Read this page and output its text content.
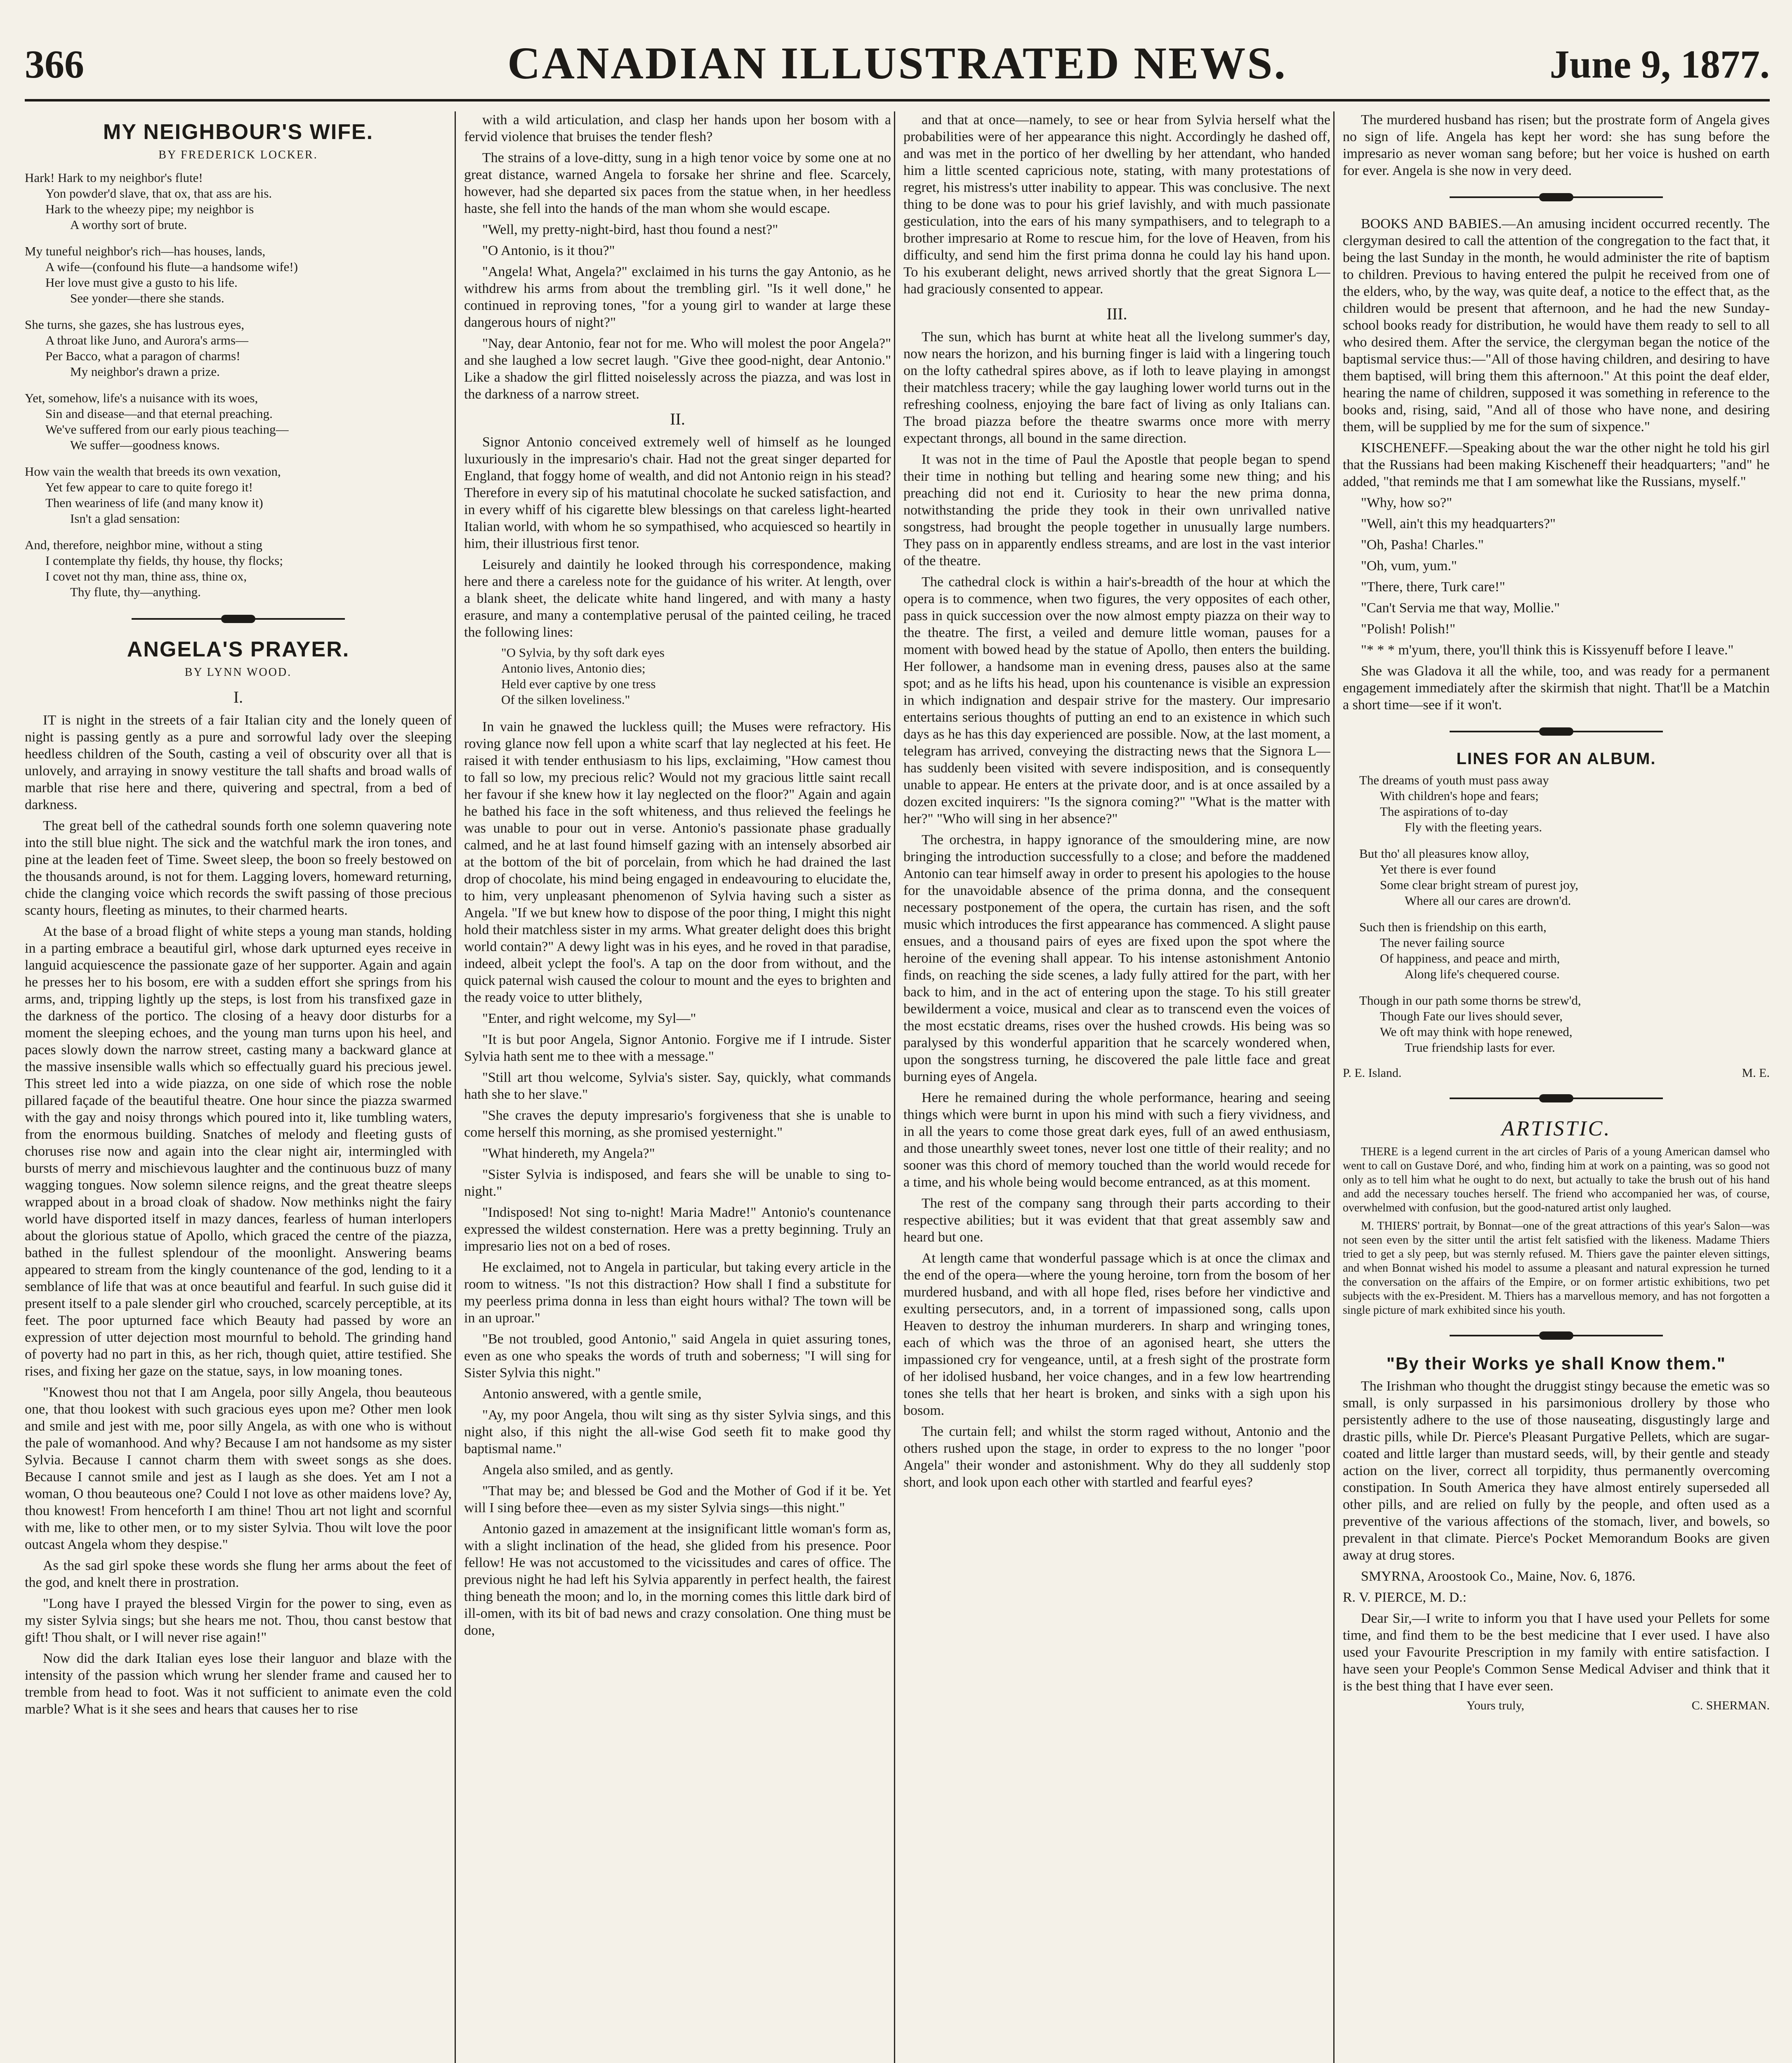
366	CANADIAN ILLUSTRATED NEWS.	June 9, 1877.
MY NEIGHBOUR'S WIFE.
BY FREDERICK LOCKER.
Hark! Hark to my neighbor's flute!
Yon powder'd slave, that ox, that ass are his.
Hark to the wheezy pipe; my neighbor is
A worthy sort of brute.
My tuneful neighbor's rich—has houses, lands,
A wife—(confound his flute—a handsome wife!)
Her love must give a gusto to his life.
See yonder—there she stands.
She turns, she gazes, she has lustrous eyes,
A throat like Juno, and Aurora's arms—
Per Bacco, what a paragon of charms!
My neighbor's drawn a prize.
Yet, somehow, life's a nuisance with its woes,
Sin and disease—and that eternal preaching.
We've suffered from our early pious teaching—
We suffer—goodness knows.
How vain the wealth that breeds its own vexation,
Yet few appear to care to quite forego it!
Then weariness of life (and many know it)
Isn't a glad sensation:
And, therefore, neighbor mine, without a sting
I contemplate thy fields, thy house, thy flocks;
I covet not thy man, thine ass, thine ox,
Thy flute, thy—anything.
ANGELA'S PRAYER.
BY LYNN WOOD.
I.

IT is night in the streets of a fair Italian city and the lonely queen of night is passing gently as a pure and sorrowful lady over the sleeping heedless children of the South, casting a veil of obscurity over all that is unlovely, and arraying in snowy vestiture the tall shafts and broad walls of marble that rise here and there, quivering and spectral, from a bed of darkness.

The great bell of the cathedral sounds forth one solemn quavering note into the still blue night. The sick and the watchful mark the iron tones, and pine at the leaden feet of Time. Sweet sleep, the boon so freely bestowed on the thousands around, is not for them. Lagging lovers, homeward returning, chide the clanging voice which records the swift passing of those precious scanty hours, fleeting as minutes, to their charmed hearts.

At the base of a broad flight of white steps a young man stands, holding in a parting embrace a beautiful girl, whose dark upturned eyes receive in languid acquiescence the passionate gaze of her supporter. Again and again he presses her to his bosom, ere with a sudden effort she springs from his arms, and, tripping lightly up the steps, is lost from his transfixed gaze in the darkness of the portico. The closing of a heavy door disturbs for a moment the sleeping echoes, and the young man turns upon his heel, and paces slowly down the narrow street, casting many a backward glance at the massive insensible walls which so effectually guard his precious jewel. This street led into a wide piazza, on one side of which rose the noble pillared façade of the beautiful theatre. One hour since the piazza swarmed with the gay and noisy throngs which poured into it, like tumbling waters, from the enormous building. Snatches of melody and fleeting gusts of choruses rise now and again into the clear night air, intermingled with bursts of merry and mischievous laughter and the continuous buzz of many wagging tongues. Now solemn silence reigns, and the great theatre sleeps wrapped about in a broad cloak of shadow. Now methinks night the fairy world have disported itself in mazy dances, fearless of human interlopers about the glorious statue of Apollo, which graced the centre of the piazza, bathed in the fullest splendour of the moonlight. Answering beams appeared to stream from the kingly countenance of the god, lending to it a semblance of life that was at once beautiful and fearful. In such guise did it present itself to a pale slender girl who crouched, scarcely perceptible, at its feet. The poor upturned face which Beauty had passed by wore an expression of utter dejection most mournful to behold. The grinding hand of poverty had no part in this, as her rich, though quiet, attire testified. She rises, and fixing her gaze on the statue, says, in low moaning tones.

"Knowest thou not that I am Angela, poor silly Angela, thou beauteous one, that thou lookest with such gracious eyes upon me? Other men look and smile and jest with me, poor silly Angela, as with one who is without the pale of womanhood. And why? Because I am not handsome as my sister Sylvia. Because I cannot charm them with sweet songs as she does. Because I cannot smile and jest as I laugh as she does. Yet am I not a woman, O thou beauteous one? Could I not love as other maidens love? Ay, thou knowest! From henceforth I am thine! Thou art not light and scornful with me, like to other men, or to my sister Sylvia. Thou wilt love the poor outcast Angela whom they despise."

As the sad girl spoke these words she flung her arms about the feet of the god, and knelt there in prostration.

"Long have I prayed the blessed Virgin for the power to sing, even as my sister Sylvia sings; but she hears me not. Thou, thou canst bestow that gift! Thou shalt, or I will never rise again!"

Now did the dark Italian eyes lose their languor and blaze with the intensity of the passion which wrung her slender frame and caused her to tremble from head to foot. Was it not sufficient to animate even the cold marble? What is it she sees and hears that causes her to rise

with a wild articulation, and clasp her hands upon her bosom with a fervid violence that bruises the tender flesh?

The strains of a love-ditty, sung in a high tenor voice by some one at no great distance, warned Angela to forsake her shrine and flee. Scarcely, however, had she departed six paces from the statue when, in her heedless haste, she fell into the hands of the man whom she would escape.

"Well, my pretty-night-bird, hast thou found a nest?"

"O Antonio, is it thou?"

"Angela! What, Angela?" exclaimed in his turns the gay Antonio, as he withdrew his arms from about the trembling girl. "Is it well done," he continued in reproving tones, "for a young girl to wander at large these dangerous hours of night?"

"Nay, dear Antonio, fear not for me. Who will molest the poor Angela?" and she laughed a low secret laugh. "Give thee good-night, dear Antonio." Like a shadow the girl flitted noiselessly across the piazza, and was lost in the darkness of a narrow street.

II.

Signor Antonio conceived extremely well of himself as he lounged luxuriously in the impresario's chair. Had not the great singer departed for England, that foggy home of wealth, and did not Antonio reign in his stead? Therefore in every sip of his matutinal chocolate he sucked satisfaction, and in every whiff of his cigarette blew blessings on that careless light-hearted Italian world, with whom he so sympathised, who acquiesced so heartily in him, their illustrious first tenor.

Leisurely and daintily he looked through his correspondence, making here and there a careless note for the guidance of his writer. At length, over a blank sheet, the delicate white hand lingered, and with many a hasty erasure, and many a contemplative perusal of the painted ceiling, he traced the following lines:

"O Sylvia, by thy soft dark eyes
Antonio lives, Antonio dies;
Held ever captive by one tress
Of the silken loveliness."

In vain he gnawed the luckless quill; the Muses were refractory. His roving glance now fell upon a white scarf that lay neglected at his feet. He raised it with tender enthusiasm to his lips, exclaiming, "How camest thou to fall so low, my precious relic? Would not my gracious little saint recall her favour if she knew how it lay neglected on the floor?" Again and again he bathed his face in the soft whiteness, and thus relieved the feelings he was unable to pour out in verse. Antonio's passionate phase gradually calmed, and he at last found himself gazing with an intensely absorbed air at the bottom of the bit of porcelain, from which he had drained the last drop of chocolate, his mind being engaged in endeavouring to elucidate the, to him, very unpleasant phenomenon of Sylvia having such a sister as Angela. "If we but knew how to dispose of the poor thing, I might this night hold their matchless sister in my arms. What greater delight does this bright world contain?" A dewy light was in his eyes, and he roved in that paradise, indeed, albeit yclept the fool's. A tap on the door from without, and the quick paternal wish caused the colour to mount and the eyes to brighten and the ready voice to utter blithely,

"Enter, and right welcome, my Syl—"

"It is but poor Angela, Signor Antonio. Forgive me if I intrude. Sister Sylvia hath sent me to thee with a message."

"Still art thou welcome, Sylvia's sister. Say, quickly, what commands hath she to her slave."

"She craves the deputy impresario's forgiveness that she is unable to come herself this morning, as she promised yesternight."

"What hindereth, my Angela?"

"Sister Sylvia is indisposed, and fears she will be unable to sing to-night."

"Indisposed! Not sing to-night! Maria Madre!" Antonio's countenance expressed the wildest consternation. Here was a pretty beginning. Truly an impresario lies not on a bed of roses.

He exclaimed, not to Angela in particular, but taking every article in the room to witness. "Is not this distraction? How shall I find a substitute for my peerless prima donna in less than eight hours withal? The town will be in an uproar."

"Be not troubled, good Antonio," said Angela in quiet assuring tones, even as one who speaks the words of truth and soberness; "I will sing for Sister Sylvia this night."

Antonio answered, with a gentle smile,

"Ay, my poor Angela, thou wilt sing as thy sister Sylvia sings, and this night also, if this night the all-wise God seeth fit to make good thy baptismal name."

Angela also smiled, and as gently.

"That may be; and blessed be God and the Mother of God if it be. Yet will I sing before thee—even as my sister Sylvia sings—this night."

Antonio gazed in amazement at the insignificant little woman's form as, with a slight inclination of the head, she glided from his presence. Poor fellow! He was not accustomed to the vicissitudes and cares of office. The previous night he had left his Sylvia apparently in perfect health, the fairest thing beneath the moon; and lo, in the morning comes this little dark bird of ill-omen, with its bit of bad news and crazy consolation. One thing must be done,

and that at once—namely, to see or hear from Sylvia herself what the probabilities were of her appearance this night. Accordingly he dashed off, and was met in the portico of her dwelling by her attendant, who handed him a little scented capricious note, stating, with many protestations of regret, his mistress's utter inability to appear. This was conclusive. The next thing to be done was to pour his grief lavishly, and with much passionate gesticulation, into the ears of his many sympathisers, and to telegraph to a brother impresario at Rome to rescue him, for the love of Heaven, from his difficulty, and send him the first prima donna he could lay his hand upon. To his exuberant delight, news arrived shortly that the great Signora L— had graciously consented to appear.

III.

The sun, which has burnt at white heat all the livelong summer's day, now nears the horizon, and his burning finger is laid with a lingering touch on the lofty cathedral spires above, as if loth to leave playing in amongst their matchless tracery; while the gay laughing lower world turns out in the refreshing coolness, enjoying the bare fact of living as only Italians can. The broad piazza before the theatre swarms once more with merry expectant throngs, all bound in the same direction.

It was not in the time of Paul the Apostle that people began to spend their time in nothing but telling and hearing some new thing; and his preaching did not end it. Curiosity to hear the new prima donna, notwithstanding the pride they took in their own unrivalled native songstress, had brought the people together in unusually large numbers. They pass on in apparently endless streams, and are lost in the vast interior of the theatre.

The cathedral clock is within a hair's-breadth of the hour at which the opera is to commence, when two figures, the very opposites of each other, pass in quick succession over the now almost empty piazza on their way to the theatre. The first, a veiled and demure little woman, pauses for a moment with bowed head by the statue of Apollo, then enters the building. Her follower, a handsome man in evening dress, pauses also at the same spot; and as he lifts his head, upon his countenance is visible an expression in which indignation and despair strive for the mastery. Our impresario entertains serious thoughts of putting an end to an existence in which such days as he has this day experienced are possible. Now, at the last moment, a telegram has arrived, conveying the distracting news that the Signora L— has suddenly been visited with severe indisposition, and is consequently unable to appear. He enters at the private door, and is at once assailed by a dozen excited inquirers: "Is the signora coming?" "What is the matter with her?" "Who will sing in her absence?"

The orchestra, in happy ignorance of the smouldering mine, are now bringing the introduction successfully to a close; and before the maddened Antonio can tear himself away in order to present his apologies to the house for the unavoidable absence of the prima donna, and the consequent necessary postponement of the opera, the curtain has risen, and the soft music which introduces the first appearance has commenced. A slight pause ensues, and a thousand pairs of eyes are fixed upon the spot where the heroine of the evening shall appear. To his intense astonishment Antonio finds, on reaching the side scenes, a lady fully attired for the part, with her back to him, and in the act of entering upon the stage. To his still greater bewilderment a voice, musical and clear as to transcend even the voices of the most ecstatic dreams, rises over the hushed crowds. His being was so paralysed by this wonderful apparition that he scarcely wondered when, upon the songstress turning, he discovered the pale little face and great burning eyes of Angela.

Here he remained during the whole performance, hearing and seeing things which were burnt in upon his mind with such a fiery vividness, and in all the years to come those great dark eyes, full of an awed enthusiasm, and those unearthly sweet tones, never lost one tittle of their reality; and no sooner was this chord of memory touched than the world would recede for a time, and his whole being would become entranced, as at this moment.

The rest of the company sang through their parts according to their respective abilities; but it was evident that that great assembly saw and heard but one.

At length came that wonderful passage which is at once the climax and the end of the opera—where the young heroine, torn from the bosom of her murdered husband, and with all hope fled, rises before her vindictive and exulting persecutors, and, in a torrent of impassioned song, calls upon Heaven to destroy the inhuman murderers. In sharp and wringing tones, each of which was the throe of an agonised heart, she utters the impassioned cry for vengeance, until, at a fresh sight of the prostrate form of her idolised husband, her voice changes, and in a few low heartrending tones she tells that her heart is broken, and sinks with a sigh upon his bosom.

The curtain fell; and whilst the storm raged without, Antonio and the others rushed upon the stage, in order to express to the no longer "poor Angela" their wonder and astonishment. Why do they all suddenly stop short, and look upon each other with startled and fearful eyes?

The murdered husband has risen; but the prostrate form of Angela gives no sign of life. Angela has kept her word: she has sung before the impresario as never woman sang before; but her voice is hushed on earth for ever. Angela is she now in very deed.

BOOKS AND BABIES.—An amusing incident occurred recently. The clergyman desired to call the attention of the congregation to the fact that, it being the last Sunday in the month, he would administer the rite of baptism to children. Previous to having entered the pulpit he received from one of the elders, who, by the way, was quite deaf, a notice to the effect that, as the children would be present that afternoon, and he had the new Sunday-school books ready for distribution, he would have them ready to sell to all who desired them. After the service, the clergyman began the notice of the baptismal service thus:—"All of those having children, and desiring to have them baptised, will bring them this afternoon." At this point the deaf elder, hearing the name of children, supposed it was something in reference to the books and, rising, said, "And all of those who have none, and desiring them, will be supplied by me for the sum of sixpence."

KISCHENEFF.—Speaking about the war the other night he told his girl that the Russians had been making Kischeneff their headquarters; "and" he added, "that reminds me that I am somewhat like the Russians, myself."

"Why, how so?"

"Well, ain't this my headquarters?"

"Oh, Pasha! Charles."

"Oh, vum, yum."

"There, there, Turk care!"

"Can't Servia me that way, Mollie."

"Polish! Polish!"

"* * * m'yum, there, you'll think this is Kissyenuff before I leave."

She was Gladova it all the while, too, and was ready for a permanent engagement immediately after the skirmish that night. That'll be a Matchin a short time—see if it won't.

LINES FOR AN ALBUM.
The dreams of youth must pass away
With children's hope and fears;
The aspirations of to-day
Fly with the fleeting years.
But tho' all pleasures know alloy,
Yet there is ever found
Some clear bright stream of purest joy,
Where all our cares are drown'd.
Such then is friendship on this earth,
The never failing source
Of happiness, and peace and mirth,
Along life's chequered course.
Though in our path some thorns be strew'd,
Though Fate our lives should sever,
We oft may think with hope renewed,
True friendship lasts for ever.
P. E. Island.	M. E.
ARTISTIC.

THERE is a legend current in the art circles of Paris of a young American damsel who went to call on Gustave Doré, and who, finding him at work on a painting, was so good not only as to tell him what he ought to do next, but actually to take the brush out of his hand and add the necessary touches herself. The friend who accompanied her was, of course, overwhelmed with confusion, but the good-natured artist only laughed.

M. THIERS' portrait, by Bonnat—one of the great attractions of this year's Salon—was not seen even by the sitter until the artist felt satisfied with the likeness. Madame Thiers tried to get a sly peep, but was sternly refused. M. Thiers gave the painter eleven sittings, and when Bonnat wished his model to assume a pleasant and natural expression he turned the conversation on the affairs of the Empire, or on former artistic exhibitions, two pet subjects with the ex-President. M. Thiers has a marvellous memory, and has not forgotten a single picture of mark exhibited since his youth.

"By their Works ye shall Know them."

The Irishman who thought the druggist stingy because the emetic was so small, is only surpassed in his parsimonious drollery by those who persistently adhere to the use of those nauseating, disgustingly large and drastic pills, while Dr. Pierce's Pleasant Purgative Pellets, which are sugar-coated and little larger than mustard seeds, will, by their gentle and steady action on the liver, correct all torpidity, thus permanently overcoming constipation. In South America they have almost entirely superseded all other pills, and are relied on fully by the people, and often used as a preventive of the various affections of the stomach, liver, and bowels, so prevalent in that climate. Pierce's Pocket Memorandum Books are given away at drug stores.

SMYRNA, Aroostook Co., Maine, Nov. 6, 1876.

R. V. PIERCE, M. D.:

Dear Sir,—I write to inform you that I have used your Pellets for some time, and find them to be the best medicine that I ever used. I have also used your Favourite Prescription in my family with entire satisfaction. I have seen your People's Common Sense Medical Adviser and think that it is the best thing that I have ever seen.

Yours truly,	C. SHERMAN.
